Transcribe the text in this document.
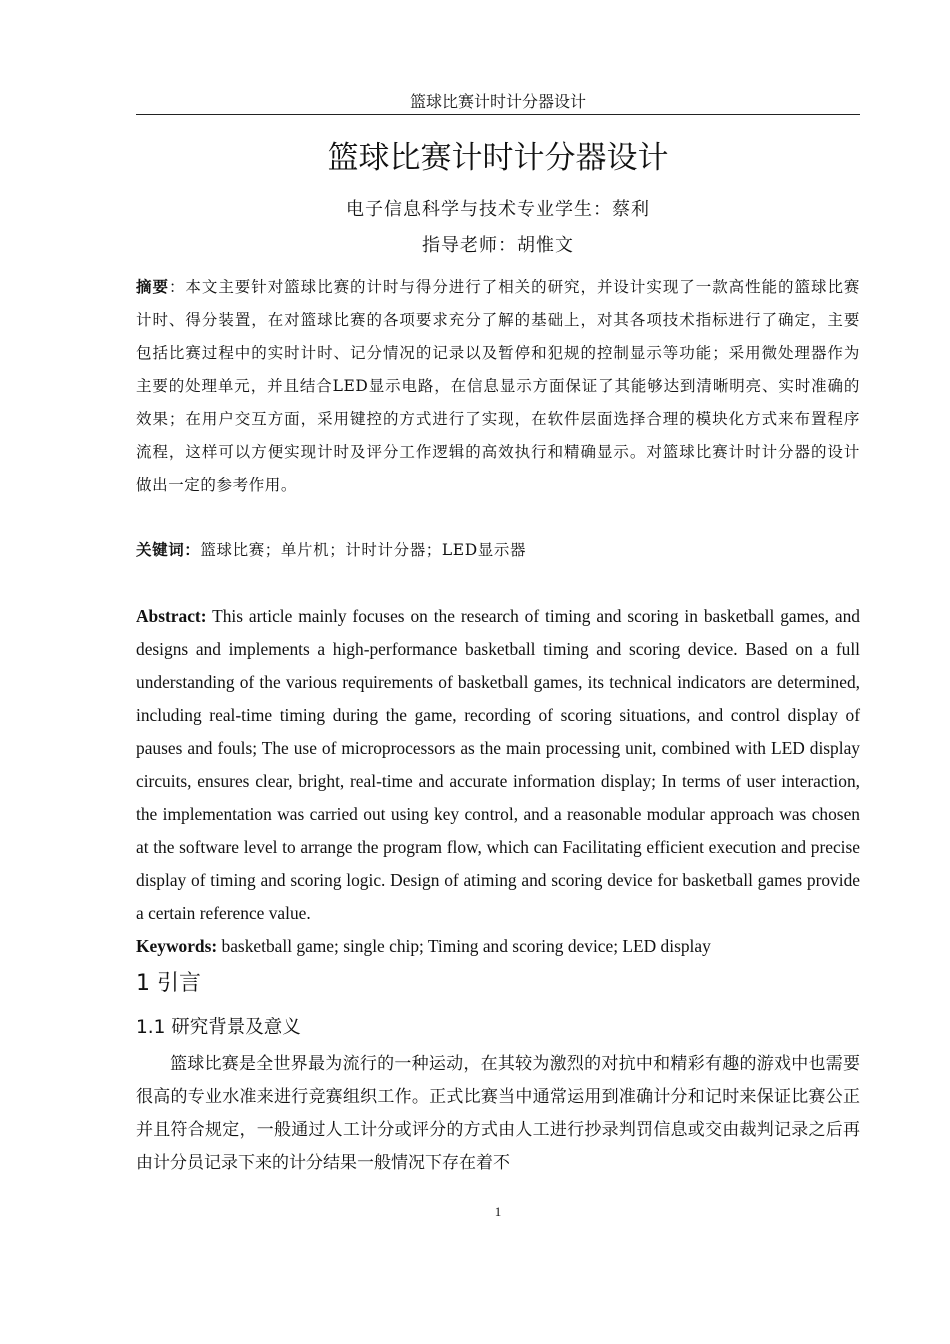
篮球比赛计时计分器设计
篮球比赛计时计分器设计
电子信息科学与技术专业学生：蔡利
指导老师：胡惟文
摘要：本文主要针对篮球比赛的计时与得分进行了相关的研究，并设计实现了一款高性能的篮球比赛计时、得分装置，在对篮球比赛的各项要求充分了解的基础上，对其各项技术指标进行了确定，主要包括比赛过程中的实时计时、记分情况的记录以及暂停和犯规的控制显示等功能；采用微处理器作为主要的处理单元，并且结合LED显示电路，在信息显示方面保证了其能够达到清晰明亮、实时准确的效果；在用户交互方面，采用键控的方式进行了实现，在软件层面选择合理的模块化方式来布置程序流程，这样可以方便实现计时及评分工作逻辑的高效执行和精确显示。对篮球比赛计时计分器的设计做出一定的参考作用。
关键词：篮球比赛；单片机；计时计分器；LED显示器
Abstract: This article mainly focuses on the research of timing and scoring in basketball games, and designs and implements a high-performance basketball timing and scoring device. Based on a full understanding of the various requirements of basketball games, its technical indicators are determined, including real-time timing during the game, recording of scoring situations, and control display of pauses and fouls; The use of microprocessors as the main processing unit, combined with LED display circuits, ensures clear, bright, real-time and accurate information display; In terms of user interaction, the implementation was carried out using key control, and a reasonable modular approach was chosen at the software level to arrange the program flow, which can Facilitating efficient execution and precise display of timing and scoring logic. Design of atiming and scoring device for basketball games provide a certain reference value.
Keywords: basketball game; single chip; Timing and scoring device; LED display
1 引言
1.1 研究背景及意义
篮球比赛是全世界最为流行的一种运动，在其较为激烈的对抗中和精彩有趣的游戏中也需要很高的专业水准来进行竞赛组织工作。正式比赛当中通常运用到准确计分和记时来保证比赛公正并且符合规定，一般通过人工计分或评分的方式由人工进行抄录判罚信息或交由裁判记录之后再由计分员记录下来的计分结果一般情况下存在着不
1
